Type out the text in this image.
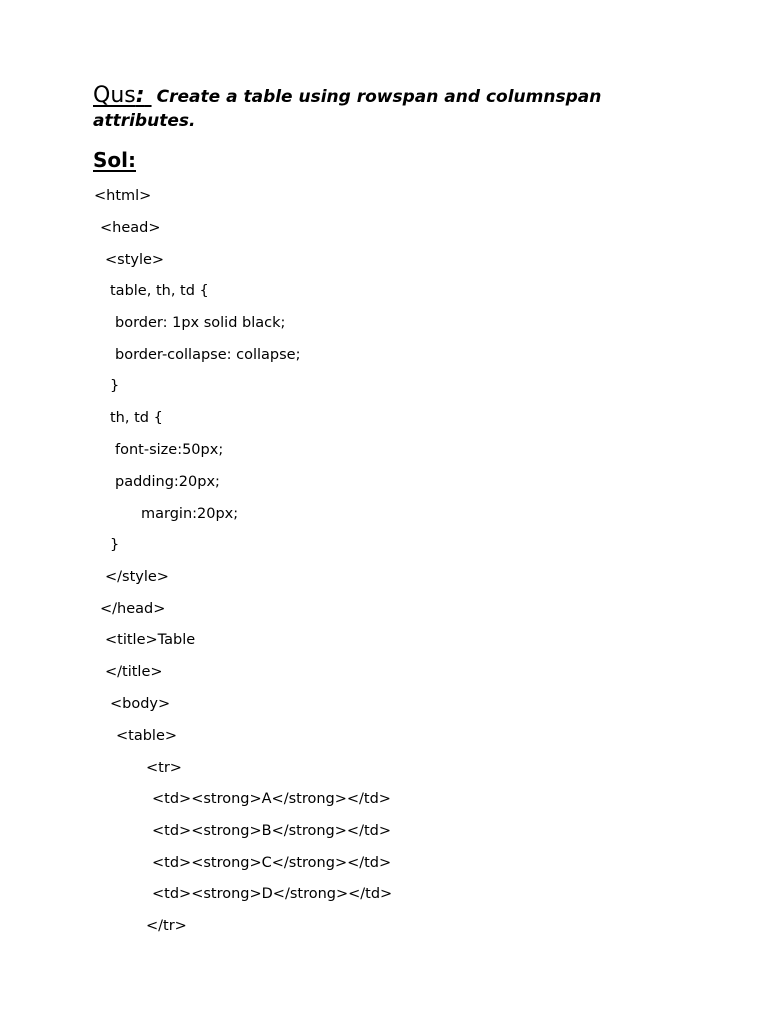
Qus: Create a table using rowspan and columnspan attributes.
Sol:
<html>
<head>
<style>
table, th, td {
border: 1px solid black;
border-collapse: collapse;
}
th, td {
font-size:50px;
padding:20px;
margin:20px;
}
</style>
</head>
<title>Table
</title>
<body>
<table>
<tr>
<td><strong>A</strong></td>
<td><strong>B</strong></td>
<td><strong>C</strong></td>
<td><strong>D</strong></td>
</tr>
